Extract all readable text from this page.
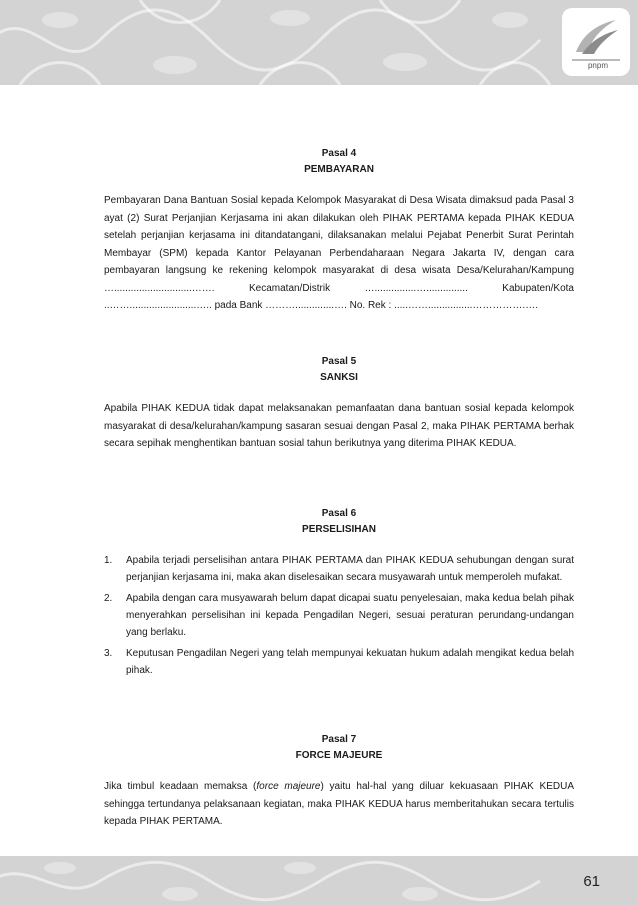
pnpm
Pasal 4
PEMBAYARAN

Pembayaran Dana Bantuan Sosial kepada Kelompok Masyarakat di Desa Wisata dimaksud pada Pasal 3 ayat (2) Surat Perjanjian Kerjasama ini akan dilakukan oleh PIHAK PERTAMA kepada PIHAK KEDUA setelah perjanjian kerjasama ini ditandatangani, dilaksanakan melalui Pejabat Penerbit Surat Perintah Membayar (SPM) kepada Kantor Pelayanan Perbendaharaan Negara Jakarta IV, dengan cara pembayaran langsung ke rekening kelompok masyarakat di desa wisata Desa/Kelurahan/Kampung …............................……. Kecamatan/Distrik …...............…............... Kabupaten/Kota ..……........................….. pada Bank ………..............…. No. Rek : .....……................…………….….

Pasal 5
SANKSI

Apabila PIHAK KEDUA tidak dapat melaksanakan pemanfaatan dana bantuan sosial kepada kelompok masyarakat di desa/kelurahan/kampung sasaran sesuai dengan Pasal 2, maka PIHAK PERTAMA berhak secara sepihak menghentikan bantuan sosial tahun berikutnya yang diterima PIHAK KEDUA.

Pasal 6
PERSELISIHAN
1. Apabila terjadi perselisihan antara PIHAK PERTAMA dan PIHAK KEDUA sehubungan dengan surat perjanjian kerjasama ini, maka akan diselesaikan secara musyawarah untuk memperoleh mufakat.
2. Apabila dengan cara musyawarah belum dapat dicapai suatu penyelesaian, maka kedua belah pihak menyerahkan perselisihan ini kepada Pengadilan Negeri, sesuai peraturan perundang-undangan yang berlaku.
3. Keputusan Pengadilan Negeri yang telah mempunyai kekuatan hukum adalah mengikat kedua belah pihak.
Pasal 7
FORCE MAJEURE

Jika timbul keadaan memaksa (force majeure) yaitu hal-hal yang diluar kekuasaan PIHAK KEDUA sehingga tertundanya pelaksanaan kegiatan, maka PIHAK KEDUA harus memberitahukan secara tertulis kepada PIHAK PERTAMA.

61
